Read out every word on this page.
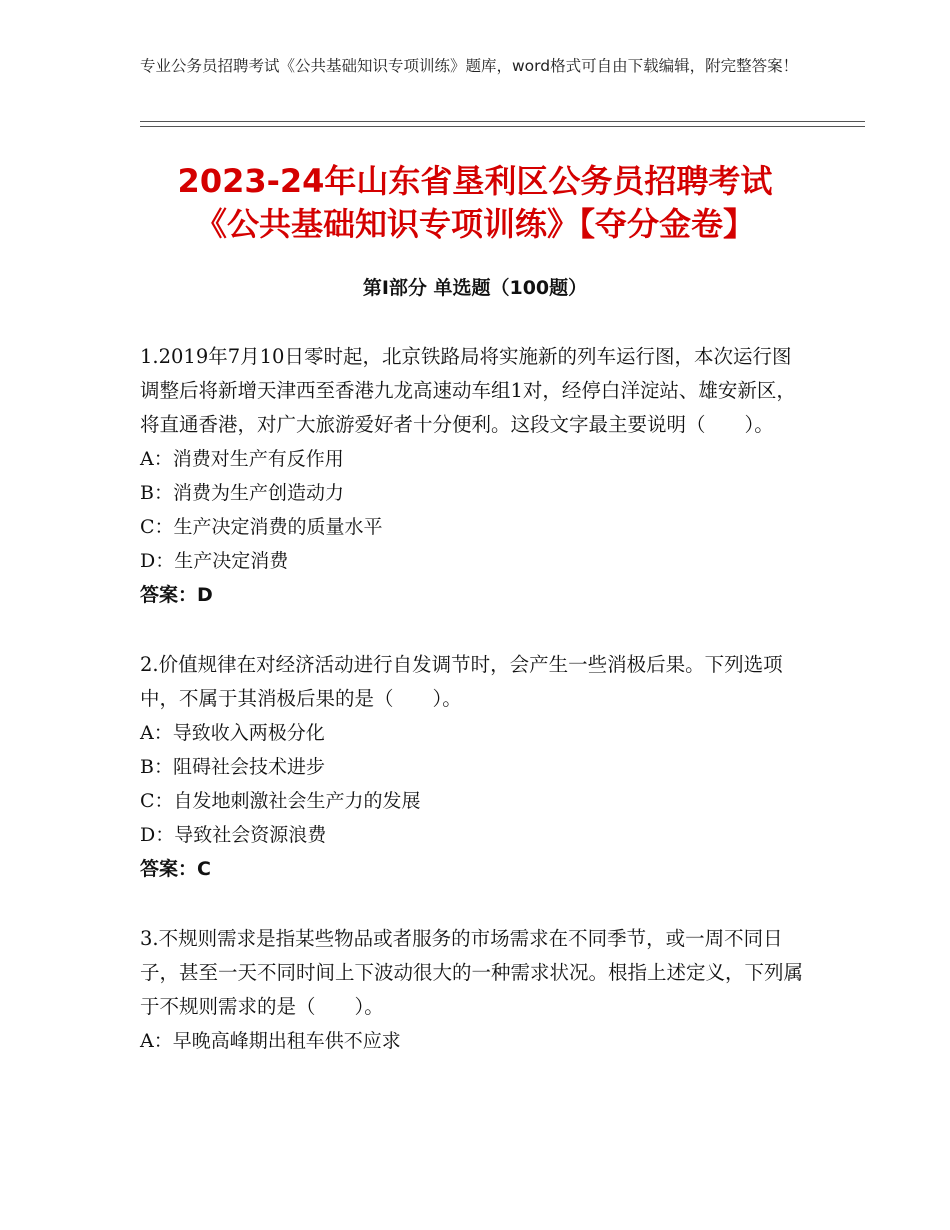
专业公务员招聘考试《公共基础知识专项训练》题库，word格式可自由下载编辑，附完整答案！
2023-24年山东省垦利区公务员招聘考试
《公共基础知识专项训练》【夺分金卷】
第Ⅰ部分 单选题（100题）
1.2019年7月10日零时起，北京铁路局将实施新的列车运行图，本次运行图调整后将新增天津西至香港九龙高速动车组1对，经停白洋淀站、雄安新区，将直通香港，对广大旅游爱好者十分便利。这段文字最主要说明（　　）。
A：消费对生产有反作用
B：消费为生产创造动力
C：生产决定消费的质量水平
D：生产决定消费
答案：D
2.价值规律在对经济活动进行自发调节时，会产生一些消极后果。下列选项中，不属于其消极后果的是（　　）。
A：导致收入两极分化
B：阻碍社会技术进步
C：自发地刺激社会生产力的发展
D：导致社会资源浪费
答案：C
3.不规则需求是指某些物品或者服务的市场需求在不同季节，或一周不同日子，甚至一天不同时间上下波动很大的一种需求状况。根指上述定义，下列属于不规则需求的是（　　）。
A：早晚高峰期出租车供不应求
